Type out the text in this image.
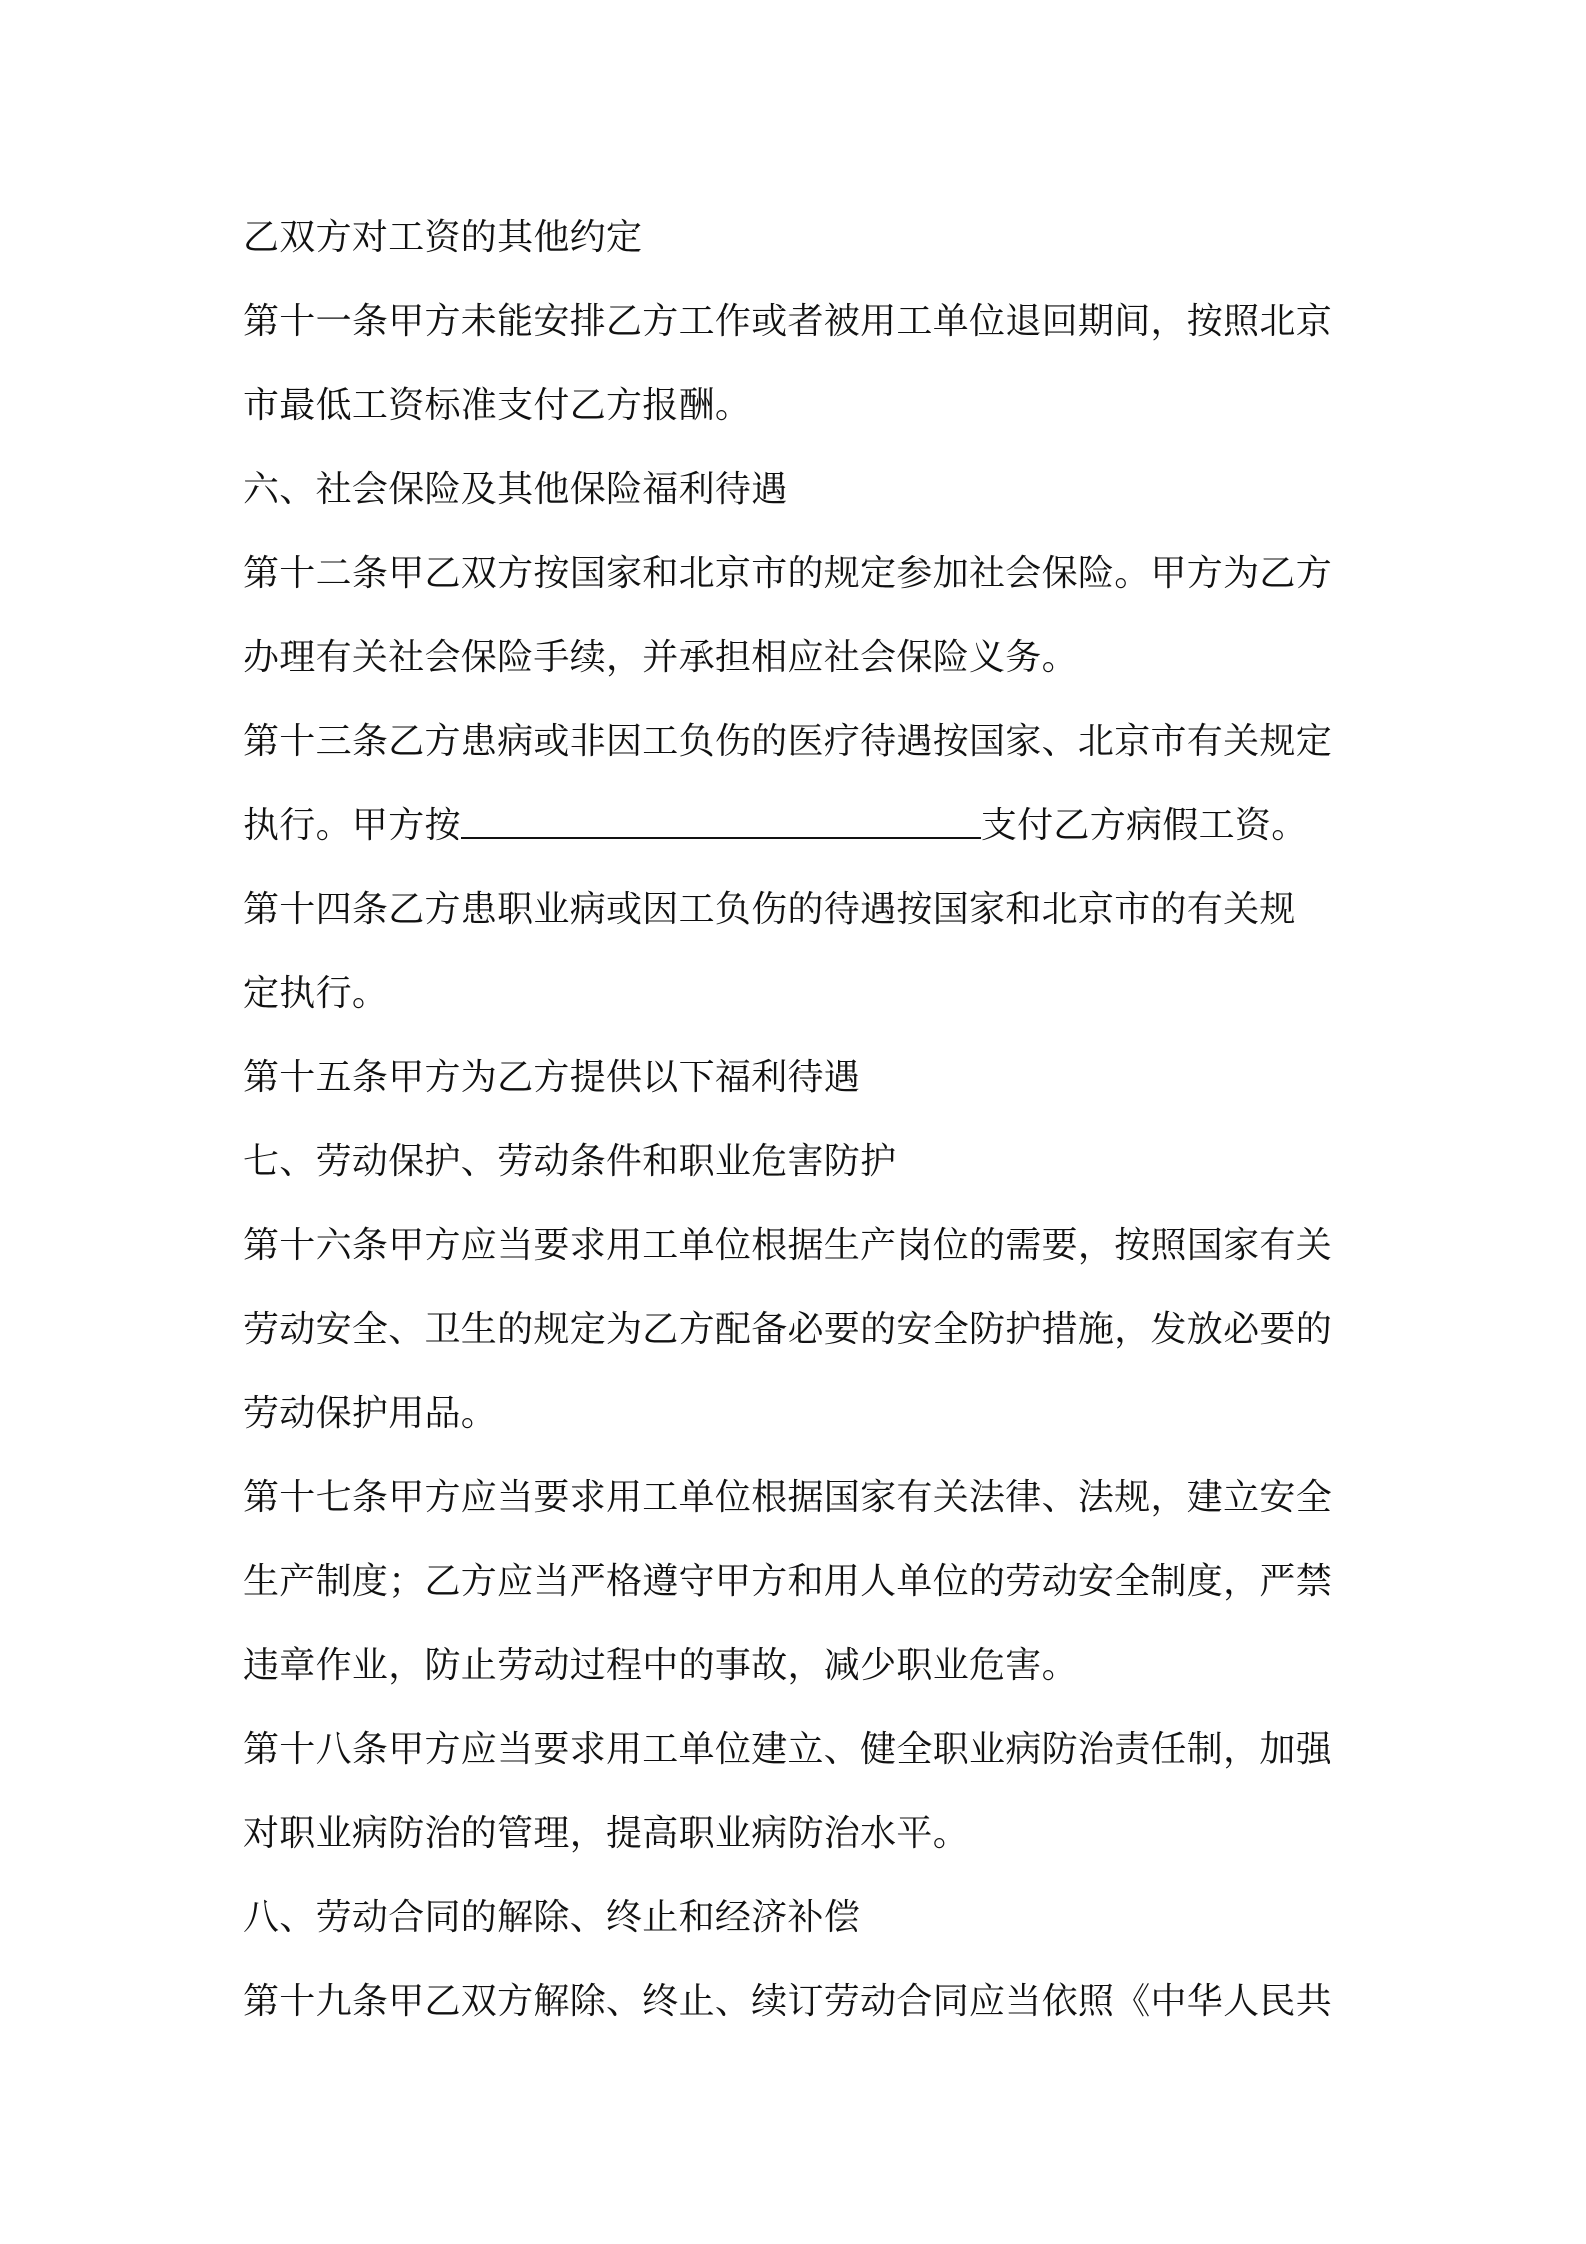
乙双方对工资的其他约定
第十一条甲方未能安排乙方工作或者被用工单位退回期间，按照北京
市最低工资标准支付乙方报酬。
六、社会保险及其他保险福利待遇
第十二条甲乙双方按国家和北京市的规定参加社会保险。甲方为乙方
办理有关社会保险手续，并承担相应社会保险义务。
第十三条乙方患病或非因工负伤的医疗待遇按国家、北京市有关规定
执行。甲方按	支付乙方病假工资。
第十四条乙方患职业病或因工负伤的待遇按国家和北京市的有关规
定执行。
第十五条甲方为乙方提供以下福利待遇
七、劳动保护、劳动条件和职业危害防护
第十六条甲方应当要求用工单位根据生产岗位的需要，按照国家有关
劳动安全、卫生的规定为乙方配备必要的安全防护措施，发放必要的
劳动保护用品。
第十七条甲方应当要求用工单位根据国家有关法律、法规，建立安全
生产制度；乙方应当严格遵守甲方和用人单位的劳动安全制度，严禁
违章作业，防止劳动过程中的事故，减少职业危害。
第十八条甲方应当要求用工单位建立、健全职业病防治责任制，加强
对职业病防治的管理，提高职业病防治水平。
八、劳动合同的解除、终止和经济补偿
第十九条甲乙双方解除、终止、续订劳动合同应当依照《中华人民共
